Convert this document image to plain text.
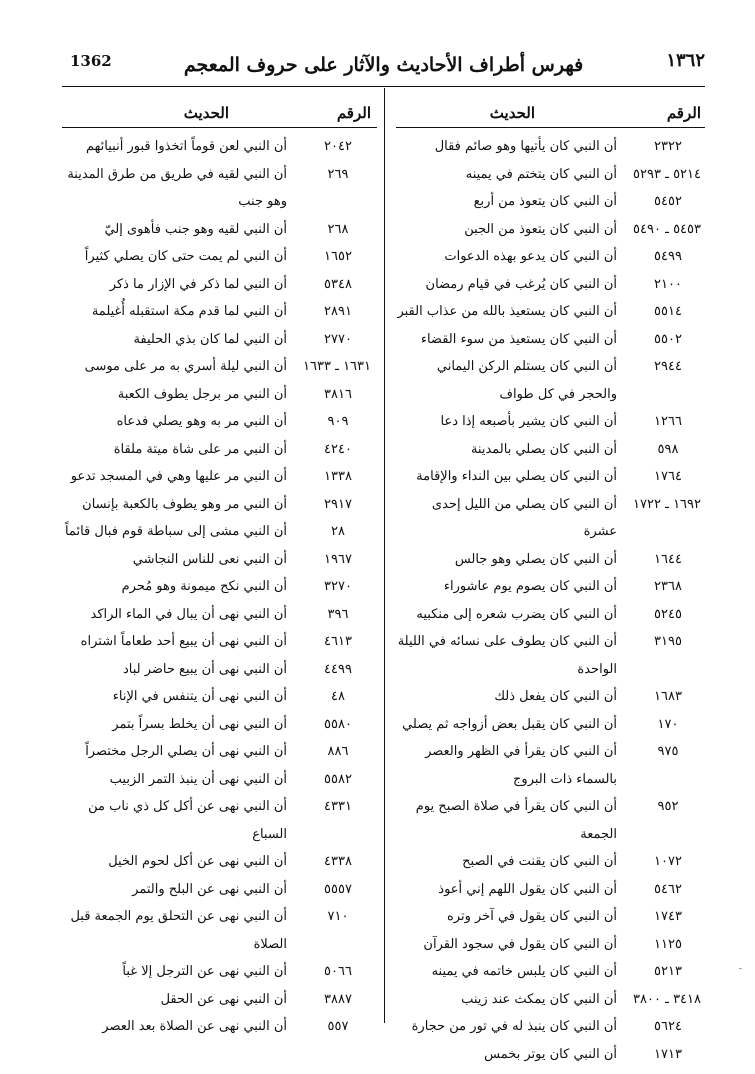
1362	فهرس أطراف الأحاديث والآثار على حروف المعجم	١٣٦٢
الرقم
الحديث
٢٣٢٢
أن النبي كان يأتيها وهو صائم فقال
٥٢١٤ ـ ٥٢٩٣
أن النبي كان يتختم في يمينه
٥٤٥٢
أن النبي كان يتعوذ من أربع
٥٤٥٣ ـ ٥٤٩٠
أن النبي كان يتعوذ من الجبن
٥٤٩٩
أن النبي كان يدعو بهذه الدعوات
٢١٠٠
أن النبي كان يُرغب في قيام رمضان
٥٥١٤
أن النبي كان يستعيذ بالله من عذاب القبر
٥٥٠٢
أن النبي كان يستعيذ من سوء القضاء
٢٩٤٤
أن النبي كان يستلم الركن اليماني والحجر في كل طواف
١٢٦٦
أن النبي كان يشير بأصبعه إذا دعا
٥٩٨
أن النبي كان يصلي بالمدينة
١٧٦٤
أن النبي كان يصلي بين النداء والإقامة
١٦٩٢ ـ ١٧٢٢
أن النبي كان يصلي من الليل إحدى عشرة
١٦٤٤
أن النبي كان يصلي وهو جالس
٢٣٦٨
أن النبي كان يصوم يوم عاشوراء
٥٢٤٥
أن النبي كان يضرب شعره إلى منكبيه
٣١٩٥
أن النبي كان يطوف على نسائه في الليلة الواحدة
١٦٨٣
أن النبي كان يفعل ذلك
١٧٠
أن النبي كان يقبل بعض أزواجه ثم يصلي
٩٧٥
أن النبي كان يقرأ في الظهر والعصر بالسماء ذات البروج
٩٥٢
أن النبي كان يقرأ في صلاة الصبح يوم الجمعة
١٠٧٢
أن النبي كان يقنت في الصبح
٥٤٦٢
أن النبي كان يقول اللهم إني أعوذ
١٧٤٣
أن النبي كان يقول في آخر وتره
١١٢٥
أن النبي كان يقول في سجود القرآن
٥٢١٣
أن النبي كان يلبس خاتمه في يمينه
٣٤١٨ ـ ٣٨٠٠
أن النبي كان يمكث عند زينب
٥٦٢٤
أن النبي كان ينبذ له في تور من حجارة
١٧١٣
أن النبي كان يوتر بخمس
الرقم
الحديث
٢٠٤٢
أن النبي لعن قوماً اتخذوا قبور أنبيائهم
٢٦٩
أن النبي لقيه في طريق من طرق المدينة وهو جنب
٢٦٨
أن النبي لقيه وهو جنب فأهوى إليّ
١٦٥٢
أن النبي لم يمت حتى كان يصلي كثيراً
٥٣٤٨
أن النبي لما ذكر في الإزار ما ذكر
٢٨٩١
أن النبي لما قدم مكة استقبله أُغيلمة
٢٧٧٠
أن النبي لما كان بذي الحليفة
١٦٣١ ـ ١٦٣٣
أن النبي ليلة أسري به مر على موسى
٣٨١٦
أن النبي مر برجل يطوف الكعبة
٩٠٩
أن النبي مر به وهو يصلي فدعاه
٤٢٤٠
أن النبي مر على شاة ميتة ملقاة
١٣٣٨
أن النبي مر عليها وهي في المسجد تدعو
٢٩١٧
أن النبي مر وهو يطوف بالكعبة بإنسان
٢٨
أن النبي مشى إلى سباطة قوم فبال قائماً
١٩٦٧
أن النبي نعى للناس النجاشي
٣٢٧٠
أن النبي نكح ميمونة وهو مُحرم
٣٩٦
أن النبي نهى أن يبال في الماء الراكد
٤٦١٣
أن النبي نهى أن يبيع أحد طعاماً اشتراه
٤٤٩٩
أن النبي نهى أن يبيع حاضر لباد
٤٨
أن النبي نهى أن يتنفس في الإناء
٥٥٨٠
أن النبي نهى أن يخلط بسراً بتمر
٨٨٦
أن النبي نهى أن يصلي الرجل مختصراً
٥٥٨٢
أن النبي نهى أن ينبذ التمر الزبيب
٤٣٣١
أن النبي نهى عن أكل كل ذي ناب من السباع
٤٣٣٨
أن النبي نهى عن أكل لحوم الخيل
٥٥٥٧
أن النبي نهى عن البلح والتمر
٧١٠
أن النبي نهى عن التحلق يوم الجمعة قبل الصلاة
٥٠٦٦
أن النبي نهى عن الترجل إلا غباً
٣٨٨٧
أن النبي نهى عن الحقل
٥٥٧
أن النبي نهى عن الصلاة بعد العصر
˜
